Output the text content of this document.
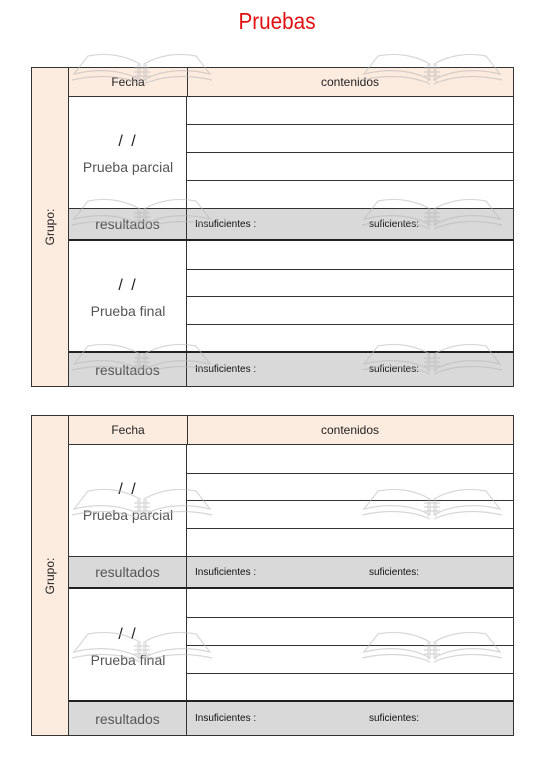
Pruebas
Grupo:
Fecha	contenidos
/ /
Prueba parcial
resultados	Insuficientes :	suficientes:
/ /
Prueba final
resultados	Insuficientes :	suficientes:
Grupo:
Fecha	contenidos
/ /
Prueba parcial
resultados	Insuficientes :	suficientes:
/ /
Prueba final
resultados	Insuficientes :	suficientes:
